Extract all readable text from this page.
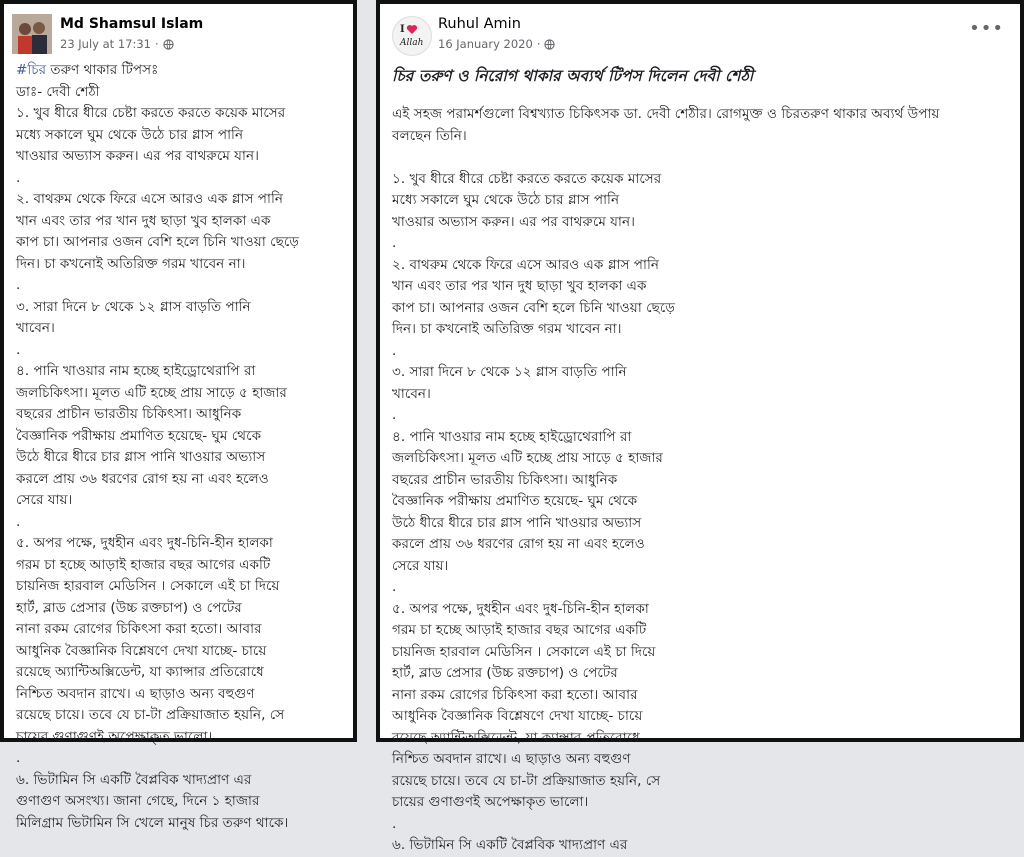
Md Shamsul Islam
23 July at 17:31 ·
#চির তরুণ থাকার টিপসঃ
ডাঃ- দেবী শেঠী
১. খুব ধীরে ধীরে চেষ্টা করতে করতে কয়েক মাসের
মধ্যে সকালে ঘুম থেকে উঠে চার গ্লাস পানি
খাওয়ার অভ্যাস করুন। এর পর বাথরুমে যান।
.
২. বাথরুম থেকে ফিরে এসে আরও এক গ্লাস পানি
খান এবং তার পর খান দুধ ছাড়া খুব হালকা এক
কাপ চা। আপনার ওজন বেশি হলে চিনি খাওয়া ছেড়ে
দিন। চা কখনোই অতিরিক্ত গরম খাবেন না।
.
৩. সারা দিনে ৮ থেকে ১২ গ্লাস বাড়তি পানি
খাবেন।
.
৪. পানি খাওয়ার নাম হচ্ছে হাইড্রোথেরাপি রা
জলচিকিৎসা। মূলত এটি হচ্ছে প্রায় সাড়ে ৫ হাজার
বছরের প্রাচীন ভারতীয় চিকিৎসা। আধুনিক
বৈজ্ঞানিক পরীক্ষায় প্রমাণিত হয়েছে- ঘুম থেকে
উঠে ধীরে ধীরে চার গ্লাস পানি খাওয়ার অভ্যাস
করলে প্রায় ৩৬ ধরণের রোগ হয় না এবং হলেও
সেরে যায়।
.
৫. অপর পক্ষে, দুধহীন এবং দুধ-চিনি-হীন হালকা
গরম চা হচ্ছে আড়াই হাজার বছর আগের একটি
চায়নিজ হারবাল মেডিসিন । সেকালে এই চা দিয়ে
হার্ট, ব্লাড প্রেসার (উচ্চ রক্তচাপ) ও পেটের
নানা রকম রোগের চিকিৎসা করা হতো। আবার
আধুনিক বৈজ্ঞানিক বিশ্লেষণে দেখা যাচ্ছে- চায়ে
রয়েছে অ্যান্টিঅক্সিডেন্ট, যা ক্যান্সার প্রতিরোধে
নিশ্চিত অবদান রাখে। এ ছাড়াও অন্য বহুগুণ
রয়েছে চায়ে। তবে যে চা-টা প্রক্রিয়াজাত হয়নি, সে
চায়ের গুণাগুণই অপেক্ষাকৃত ভালো।
.
৬. ভিটামিন সি একটি বৈপ্লবিক খাদ্যপ্রাণ এর
গুণাগুণ অসংখ্য। জানা গেছে, দিনে ১ হাজার
মিলিগ্রাম ভিটামিন সি খেলে মানুষ চির তরুণ থাকে।
I
Allah
Ruhul Amin
16 January 2020 ·
•••
চির তরুণ ও নিরোগ থাকার অব্যর্থ টিপস দিলেন দেবী শেঠী
এই সহজ পরামর্শগুলো বিশ্বখ্যাত চিকিৎসক ডা. দেবী শেঠীর। রোগমুক্ত ও চিরতরুণ থাকার অব্যর্থ উপায়
বলছেন তিনি।

১. খুব ধীরে ধীরে চেষ্টা করতে করতে কয়েক মাসের
মধ্যে সকালে ঘুম থেকে উঠে চার গ্লাস পানি
খাওয়ার অভ্যাস করুন। এর পর বাথরুমে যান।
.
২. বাথরুম থেকে ফিরে এসে আরও এক গ্লাস পানি
খান এবং তার পর খান দুধ ছাড়া খুব হালকা এক
কাপ চা। আপনার ওজন বেশি হলে চিনি খাওয়া ছেড়ে
দিন। চা কখনোই অতিরিক্ত গরম খাবেন না।
.
৩. সারা দিনে ৮ থেকে ১২ গ্লাস বাড়তি পানি
খাবেন।
.
৪. পানি খাওয়ার নাম হচ্ছে হাইড্রোথেরাপি রা
জলচিকিৎসা। মূলত এটি হচ্ছে প্রায় সাড়ে ৫ হাজার
বছরের প্রাচীন ভারতীয় চিকিৎসা। আধুনিক
বৈজ্ঞানিক পরীক্ষায় প্রমাণিত হয়েছে- ঘুম থেকে
উঠে ধীরে ধীরে চার গ্লাস পানি খাওয়ার অভ্যাস
করলে প্রায় ৩৬ ধরণের রোগ হয় না এবং হলেও
সেরে যায়।
.
৫. অপর পক্ষে, দুধহীন এবং দুধ-চিনি-হীন হালকা
গরম চা হচ্ছে আড়াই হাজার বছর আগের একটি
চায়নিজ হারবাল মেডিসিন । সেকালে এই চা দিয়ে
হার্ট, ব্লাড প্রেসার (উচ্চ রক্তচাপ) ও পেটের
নানা রকম রোগের চিকিৎসা করা হতো। আবার
আধুনিক বৈজ্ঞানিক বিশ্লেষণে দেখা যাচ্ছে- চায়ে
রয়েছে অ্যান্টিঅক্সিডেন্ট, যা ক্যান্সার প্রতিরোধে
নিশ্চিত অবদান রাখে। এ ছাড়াও অন্য বহুগুণ
রয়েছে চায়ে। তবে যে চা-টা প্রক্রিয়াজাত হয়নি, সে
চায়ের গুণাগুণই অপেক্ষাকৃত ভালো।
.
৬. ভিটামিন সি একটি বৈপ্লবিক খাদ্যপ্রাণ এর
